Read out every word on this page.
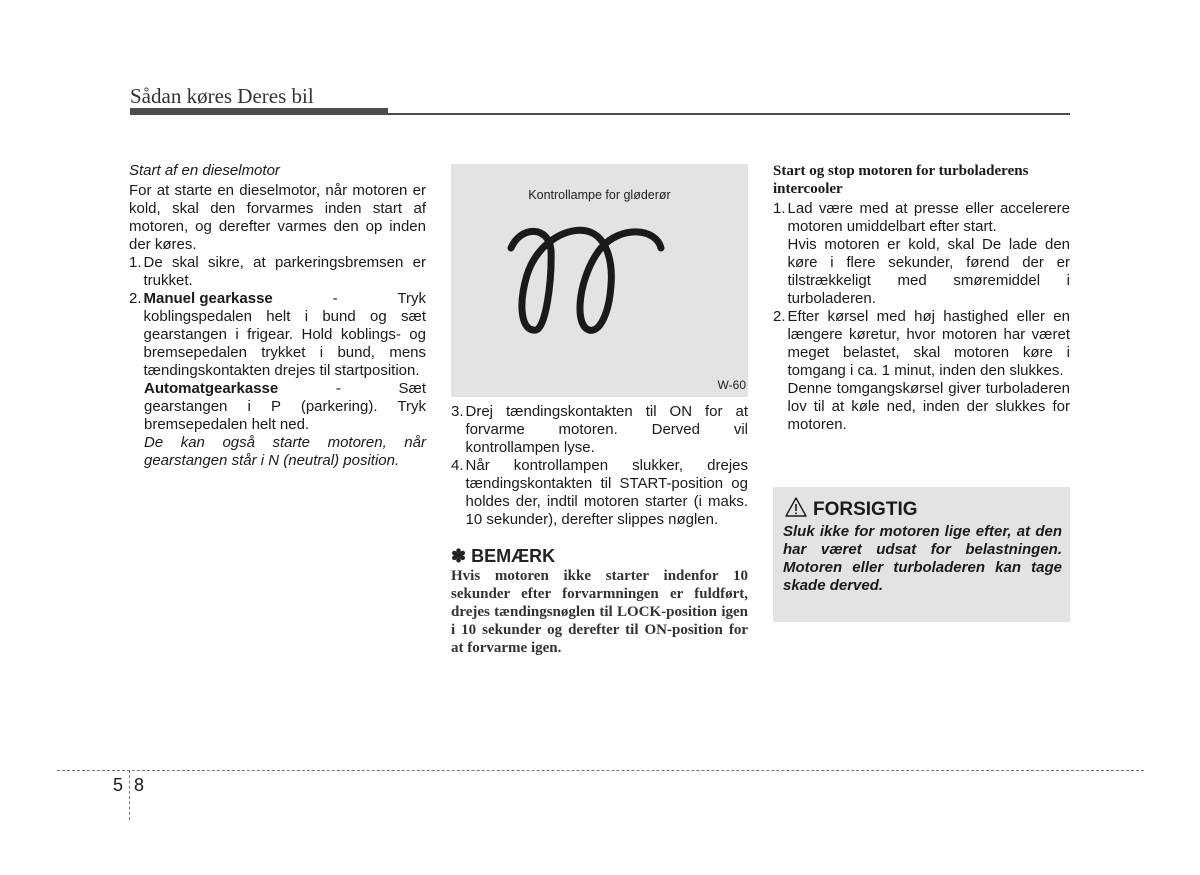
Sådan køres Deres bil

Start af en dieselmotor

For at starte en dieselmotor, når motoren er kold, skal den forvarmes inden start af motoren, og derefter varmes den op inden der køres.

1. De skal sikre, at parkeringsbremsen er trukket.
2. Manuel gearkasse	-	Tryk

koblingspedalen helt i bund og sæt gearstangen i frigear. Hold koblings- og bremsepedalen trykket i bund, mens tændingskontakten drejes til startposition.

Automatgearkasse	-	Sæt

gearstangen i P (parkering). Tryk bremsepedalen helt ned.

De kan også starte motoren, når gearstangen står i N (neutral) position.

Kontrollampe for gløderør
W-60
3. Drej tændingskontakten til ON for at forvarme motoren. Derved vil kontrollampen lyse.
4. Når kontrollampen slukker, drejes tændingskontakten til START-position og holdes der, indtil motoren starter (i maks. 10 sekunder), derefter slippes nøglen.

✽ BEMÆRK

Hvis motoren ikke starter indenfor 10 sekunder efter forvarmningen er fuldført, drejes tændingsnøglen til LOCK-position igen i 10 sekunder og derefter til ON-position for at forvarme igen.

Start og stop motoren for turboladerens intercooler

1. Lad være med at presse eller accelerere motoren umiddelbart efter start.

Hvis motoren er kold, skal De lade den køre i flere sekunder, førend der er tilstrækkeligt med smøremiddel i turboladeren.

2. Efter kørsel med høj hastighed eller en længere køretur, hvor motoren har været meget belastet, skal motoren køre i tomgang i ca. 1 minut, inden den slukkes.

Denne tomgangskørsel giver turboladeren lov til at køle ned, inden der slukkes for motoren.

FORSIGTIG

Sluk ikke for motoren lige efter, at den har været udsat for belastningen. Motoren eller turboladeren kan tage skade derved.

5 8
